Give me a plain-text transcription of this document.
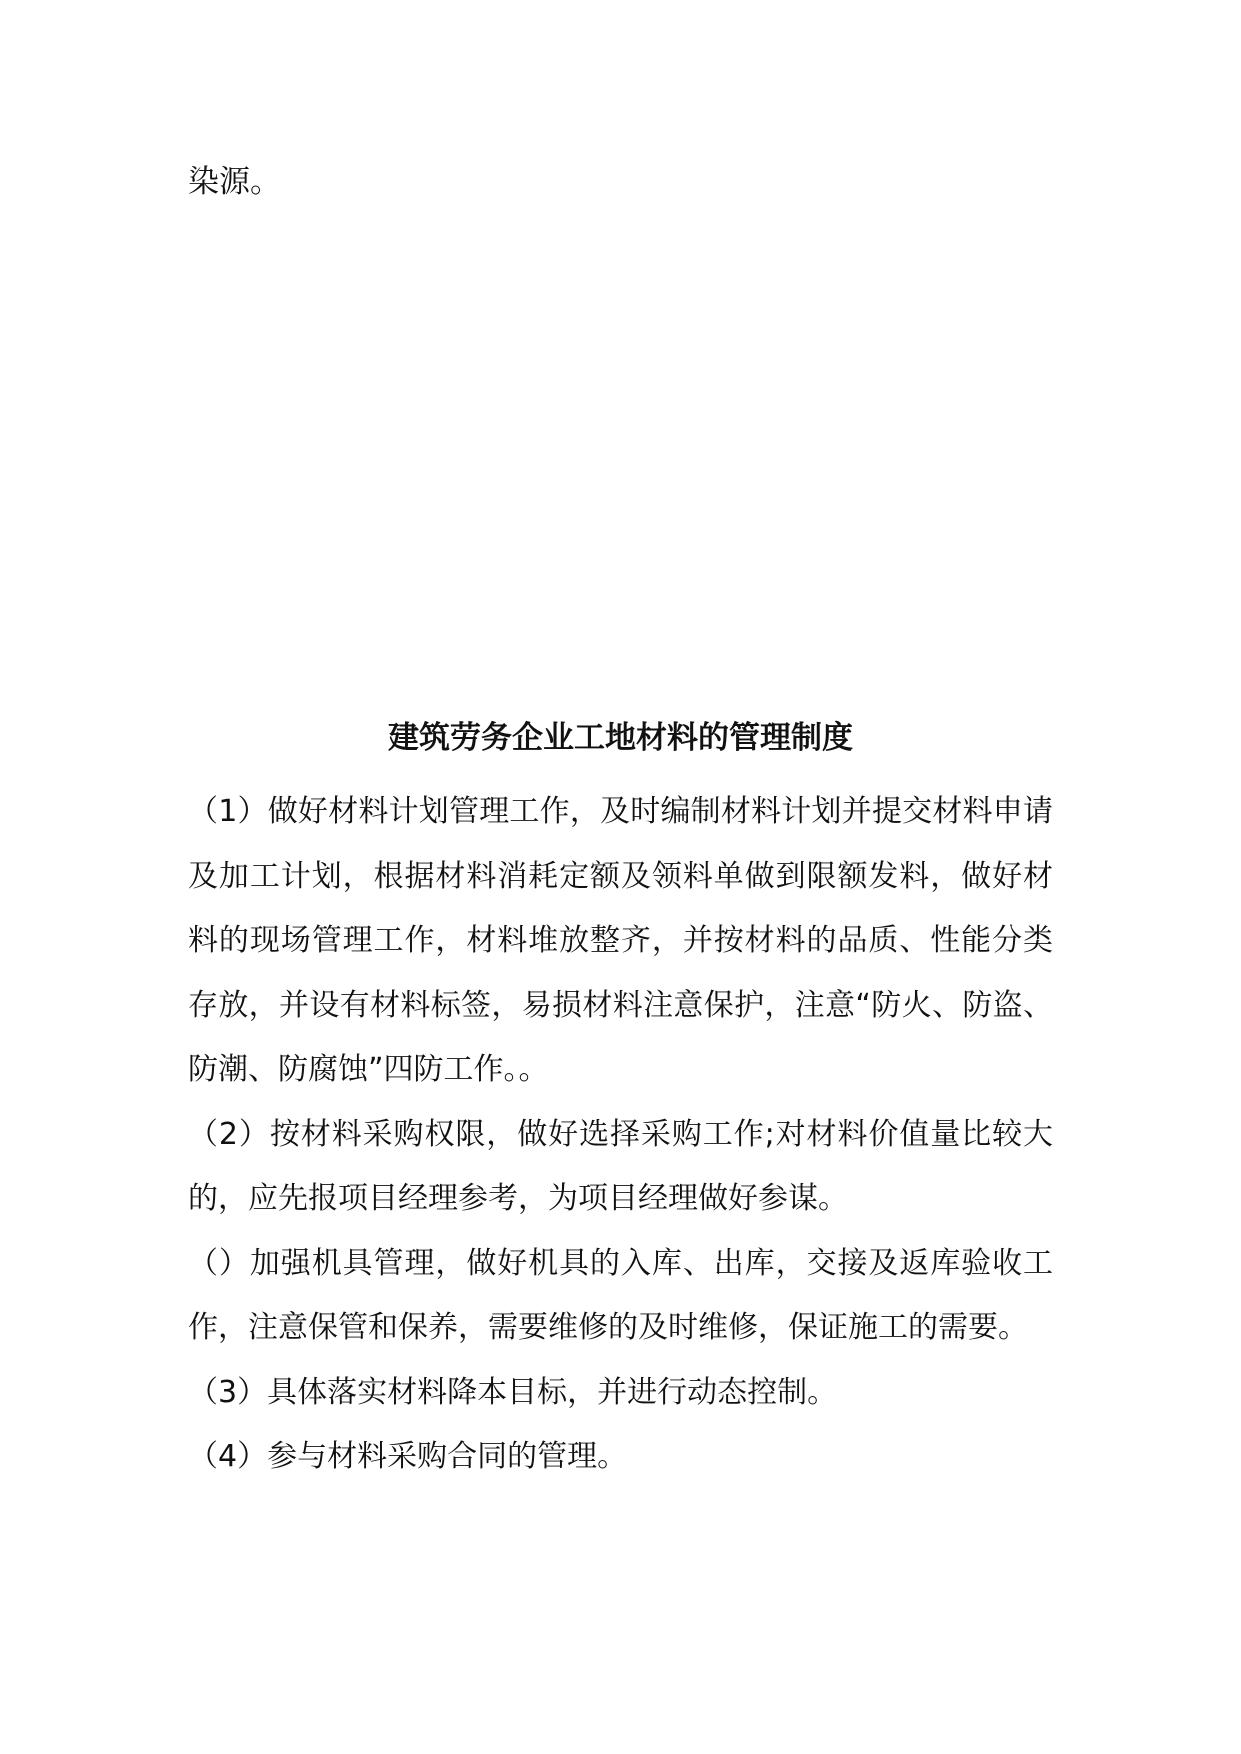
染源。

建筑劳务企业工地材料的管理制度

（1）做好材料计划管理工作，及时编制材料计划并提交材料申请及加工计划，根据材料消耗定额及领料单做到限额发料，做好材料的现场管理工作，材料堆放整齐，并按材料的品质、性能分类存放，并设有材料标签，易损材料注意保护，注意“防火、防盗、防潮、防腐蚀”四防工作。。

（2）按材料采购权限，做好选择采购工作;对材料价值量比较大的，应先报项目经理参考，为项目经理做好参谋。

（）加强机具管理，做好机具的入库、出库，交接及返库验收工作，注意保管和保养，需要维修的及时维修，保证施工的需要。

（3）具体落实材料降本目标，并进行动态控制。

（4）参与材料采购合同的管理。
